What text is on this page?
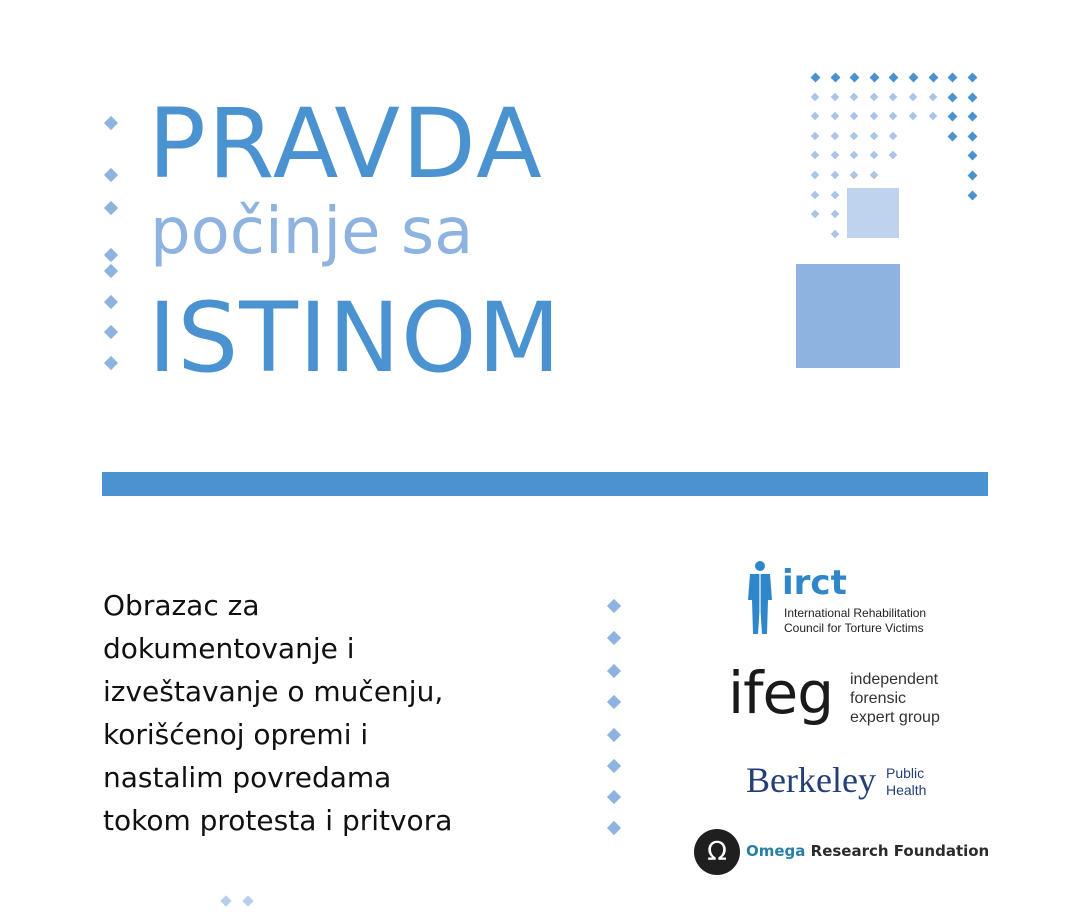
PRAVDA
počinje sa
ISTINOM
Obrazac za
dokumentovanje i
izveštavanje o mučenju,
korišćenoj opremi i
nastalim povredama
tokom protesta i pritvora
irct
International Rehabilitation
Council for Torture Victims
ifeg independent
forensic
expert group
Berkeley Public
Health
Ω	Omega Research Foundation
